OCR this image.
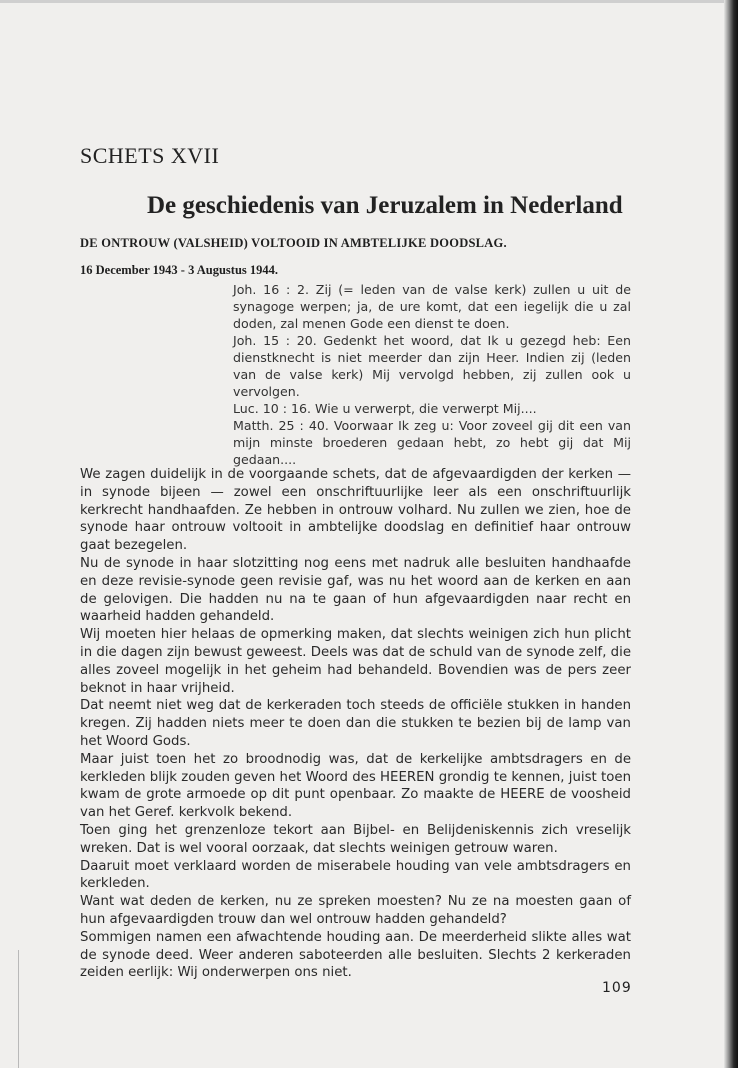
SCHETS XVII
De geschiedenis van Jeruzalem in Nederland
DE ONTROUW (VALSHEID) VOLTOOID IN AMBTELIJKE DOODSLAG.
16 December 1943 - 3 Augustus 1944.

Joh. 16 : 2. Zij (= leden van de valse kerk) zullen u uit de synagoge werpen; ja, de ure komt, dat een iegelijk die u zal doden, zal menen Gode een dienst te doen.

Joh. 15 : 20. Gedenkt het woord, dat Ik u gezegd heb: Een dienstknecht is niet meerder dan zijn Heer. Indien zij (leden van de valse kerk) Mij vervolgd hebben, zij zullen ook u vervolgen.

Luc. 10 : 16. Wie u verwerpt, die verwerpt Mij....

Matth. 25 : 40. Voorwaar Ik zeg u: Voor zoveel gij dit een van mijn minste broederen gedaan hebt, zo hebt gij dat Mij gedaan....

We zagen duidelijk in de voorgaande schets, dat de afgevaardigden der kerken — in synode bijeen — zowel een onschriftuurlijke leer als een onschriftuurlijk kerkrecht handhaafden. Ze hebben in ontrouw volhard. Nu zullen we zien, hoe de synode haar ontrouw voltooit in ambtelijke doodslag en definitief haar ontrouw gaat bezegelen.

Nu de synode in haar slotzitting nog eens met nadruk alle besluiten handhaafde en deze revisie-synode geen revisie gaf, was nu het woord aan de kerken en aan de gelovigen. Die hadden nu na te gaan of hun afgevaardigden naar recht en waarheid hadden gehandeld.

Wij moeten hier helaas de opmerking maken, dat slechts weinigen zich hun plicht in die dagen zijn bewust geweest. Deels was dat de schuld van de synode zelf, die alles zoveel mogelijk in het geheim had behandeld. Bovendien was de pers zeer beknot in haar vrijheid.

Dat neemt niet weg dat de kerkeraden toch steeds de officiële stukken in handen kregen. Zij hadden niets meer te doen dan die stukken te bezien bij de lamp van het Woord Gods.

Maar juist toen het zo broodnodig was, dat de kerkelijke ambtsdragers en de kerkleden blijk zouden geven het Woord des HEEREN grondig te kennen, juist toen kwam de grote armoede op dit punt openbaar. Zo maakte de HEERE de voosheid van het Geref. kerkvolk bekend.

Toen ging het grenzenloze tekort aan Bijbel- en Belijdeniskennis zich vreselijk wreken. Dat is wel vooral oorzaak, dat slechts weinigen getrouw waren.

Daaruit moet verklaard worden de miserabele houding van vele ambtsdragers en kerkleden.

Want wat deden de kerken, nu ze spreken moesten? Nu ze na moesten gaan of hun afgevaardigden trouw dan wel ontrouw hadden gehandeld?

Sommigen namen een afwachtende houding aan. De meerderheid slikte alles wat de synode deed. Weer anderen saboteerden alle besluiten. Slechts 2 kerkeraden zeiden eerlijk: Wij onderwerpen ons niet.

109
